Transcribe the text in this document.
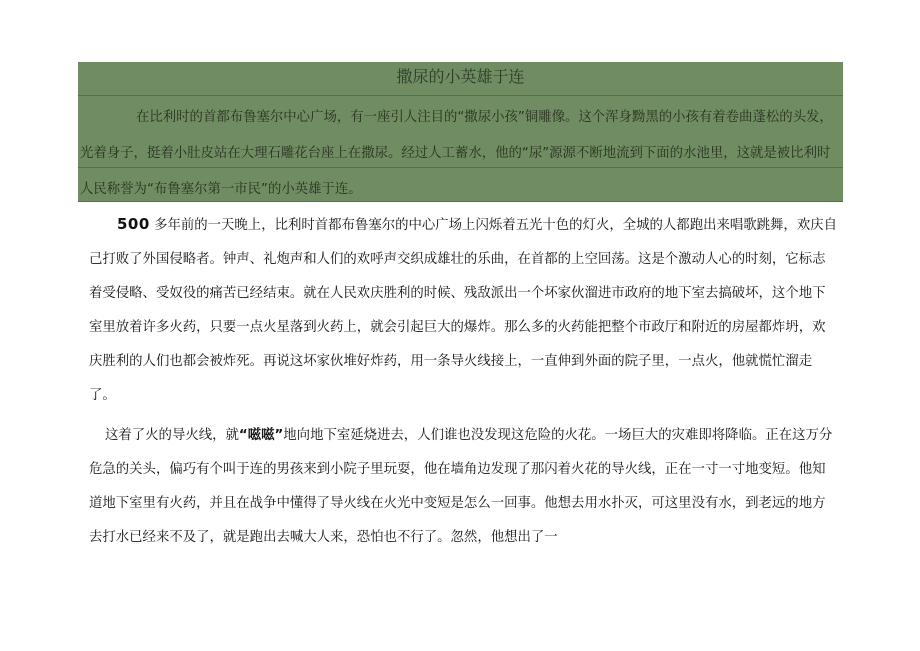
撒尿的小英雄于连

在比利时的首都布鲁塞尔中心广场，有一座引人注目的“撒尿小孩”铜雕像。这个浑身黝黑的小孩有着卷曲蓬松的头发，光着身子，挺着小肚皮站在大理石雕花台座上在撒尿。经过人工蓄水，他的“尿”源源不断地流到下面的水池里，这就是被比利时人民称誉为“布鲁塞尔第一市民”的小英雄于连。

500 多年前的一天晚上，比利时首都布鲁塞尔的中心广场上闪烁着五光十色的灯火，全城的人都跑出来唱歌跳舞，欢庆自己打败了外国侵略者。钟声、礼炮声和人们的欢呼声交织成雄壮的乐曲，在首都的上空回荡。这是个激动人心的时刻，它标志着受侵略、受奴役的痛苦已经结束。就在人民欢庆胜利的时候、残敌派出一个坏家伙溜进市政府的地下室去搞破坏，这个地下室里放着许多火药，只要一点火星落到火药上，就会引起巨大的爆炸。那么多的火药能把整个市政厅和附近的房屋都炸坍，欢庆胜利的人们也都会被炸死。再说这坏家伙堆好炸药，用一条导火线接上，一直伸到外面的院子里，一点火，他就慌忙溜走了。

这着了火的导火线，就“嗞嗞”地向地下室延烧进去，人们谁也没发现这危险的火花。一场巨大的灾难即将降临。正在这万分危急的关头，偏巧有个叫于连的男孩来到小院子里玩耍，他在墙角边发现了那闪着火花的导火线，正在一寸一寸地变短。他知道地下室里有火药，并且在战争中懂得了导火线在火光中变短是怎么一回事。他想去用水扑灭，可这里没有水，到老远的地方去打水已经来不及了，就是跑出去喊大人来，恐怕也不行了。忽然，他想出了一
